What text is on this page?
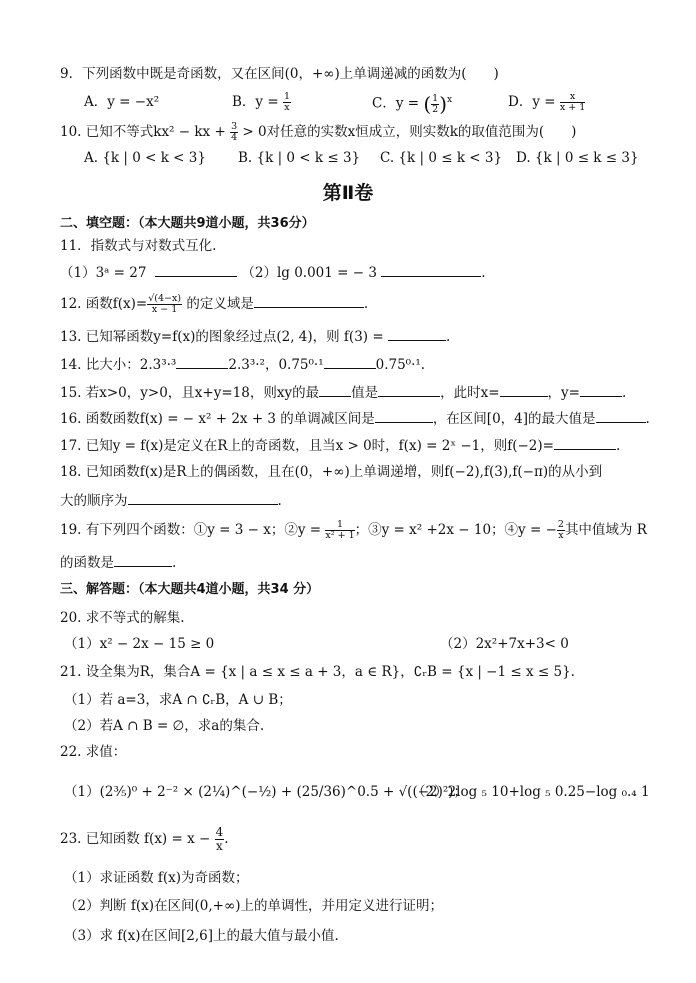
9．下列函数中既是奇函数，又在区间(0，+∞)上单调递减的函数为(　　)
A．y = −x²	B．$y = \frac{1}{x}$	C．y = ( $\frac{1}{2} )^x$	D．$y = \frac{x}{x + 1}$
10. 已知不等式kx² − kx + $\frac{3}{4} > 0$对任意的实数x恒成立，则实数k的取值范围为(　　)
A. {k | 0 < k < 3} B. {k | 0 < k ≤ 3} C. {k | 0 ≤ k < 3} D. {k | 0 ≤ k ≤ 3}
第Ⅱ卷
二、填空题：（本大题共9道小题，共36分）
11．指数式与对数式互化.
（1）3ᵃ = 27	（2）lg 0.001 = − 3	.
12. 函数$f(x)= \frac{√(4-x)}{x - 1}$ 的定义域是	.
13. 已知幂函数y=f(x)的图象经过点(2, 4)，则 f(3) =	.
14. 比大小：2.3³·³	2.3³·²，0.75⁰·¹	0.75⁰·¹.
15. 若x>0，y>0，且x+y=18，则xy的最 值是	，此时x=	，y=	.
16. 函数函数f(x) = − x² + 2x + 3 的单调减区间是	，在区间[0，4]的最大值是	.
17. 已知y = f(x)是定义在R上的奇函数，且当x > 0时，f(x) = 2ˣ −1，则f(−2)=	.
18. 已知函数f(x)是R上的偶函数，且在(0，+∞)上单调递增，则f(−2),f(3),f(−π)的从小到
大的顺序为	.
19. 有下列四个函数：①y = 3 − x；②y = $\frac{1}{\text{x² + 1}}$ ；③y = x² +2x − 10；④y = − $\frac{2}{x}$ 其中值域为 R
的函数是	.
三、解答题：（本大题共4道小题，共34 分）
20. 求不等式的解集.
（1）x² − 2x − 15 ≥ 0	（2）2x²+7x+3< 0
21. 设全集为R，集合A = {x | a ≤ x ≤ a + 3，a ∈ R}，∁ᵣB = {x | −1 ≤ x ≤ 5}.
（1）若 a=3，求A ∩ ∁ᵣB，A ∪ B；
（2）若A ∩ B = ∅，求a的集合.
22. 求值：
（1）(2³⁄₅)⁰ + 2⁻² × (2¼)^(−½) + (25/36)^0.5 + √((−2)²)；
（2）2log ₅ 10+log ₅ 0.25−log ₀.₄ 1
23. 已知函数 $f(x) = x - \frac{4}{x}$ .
（1）求证函数 f(x)为奇函数；
（2）判断 f(x)在区间(0,+∞)上的单调性，并用定义进行证明；
（3）求 f(x)在区间[2,6]上的最大值与最小值.
